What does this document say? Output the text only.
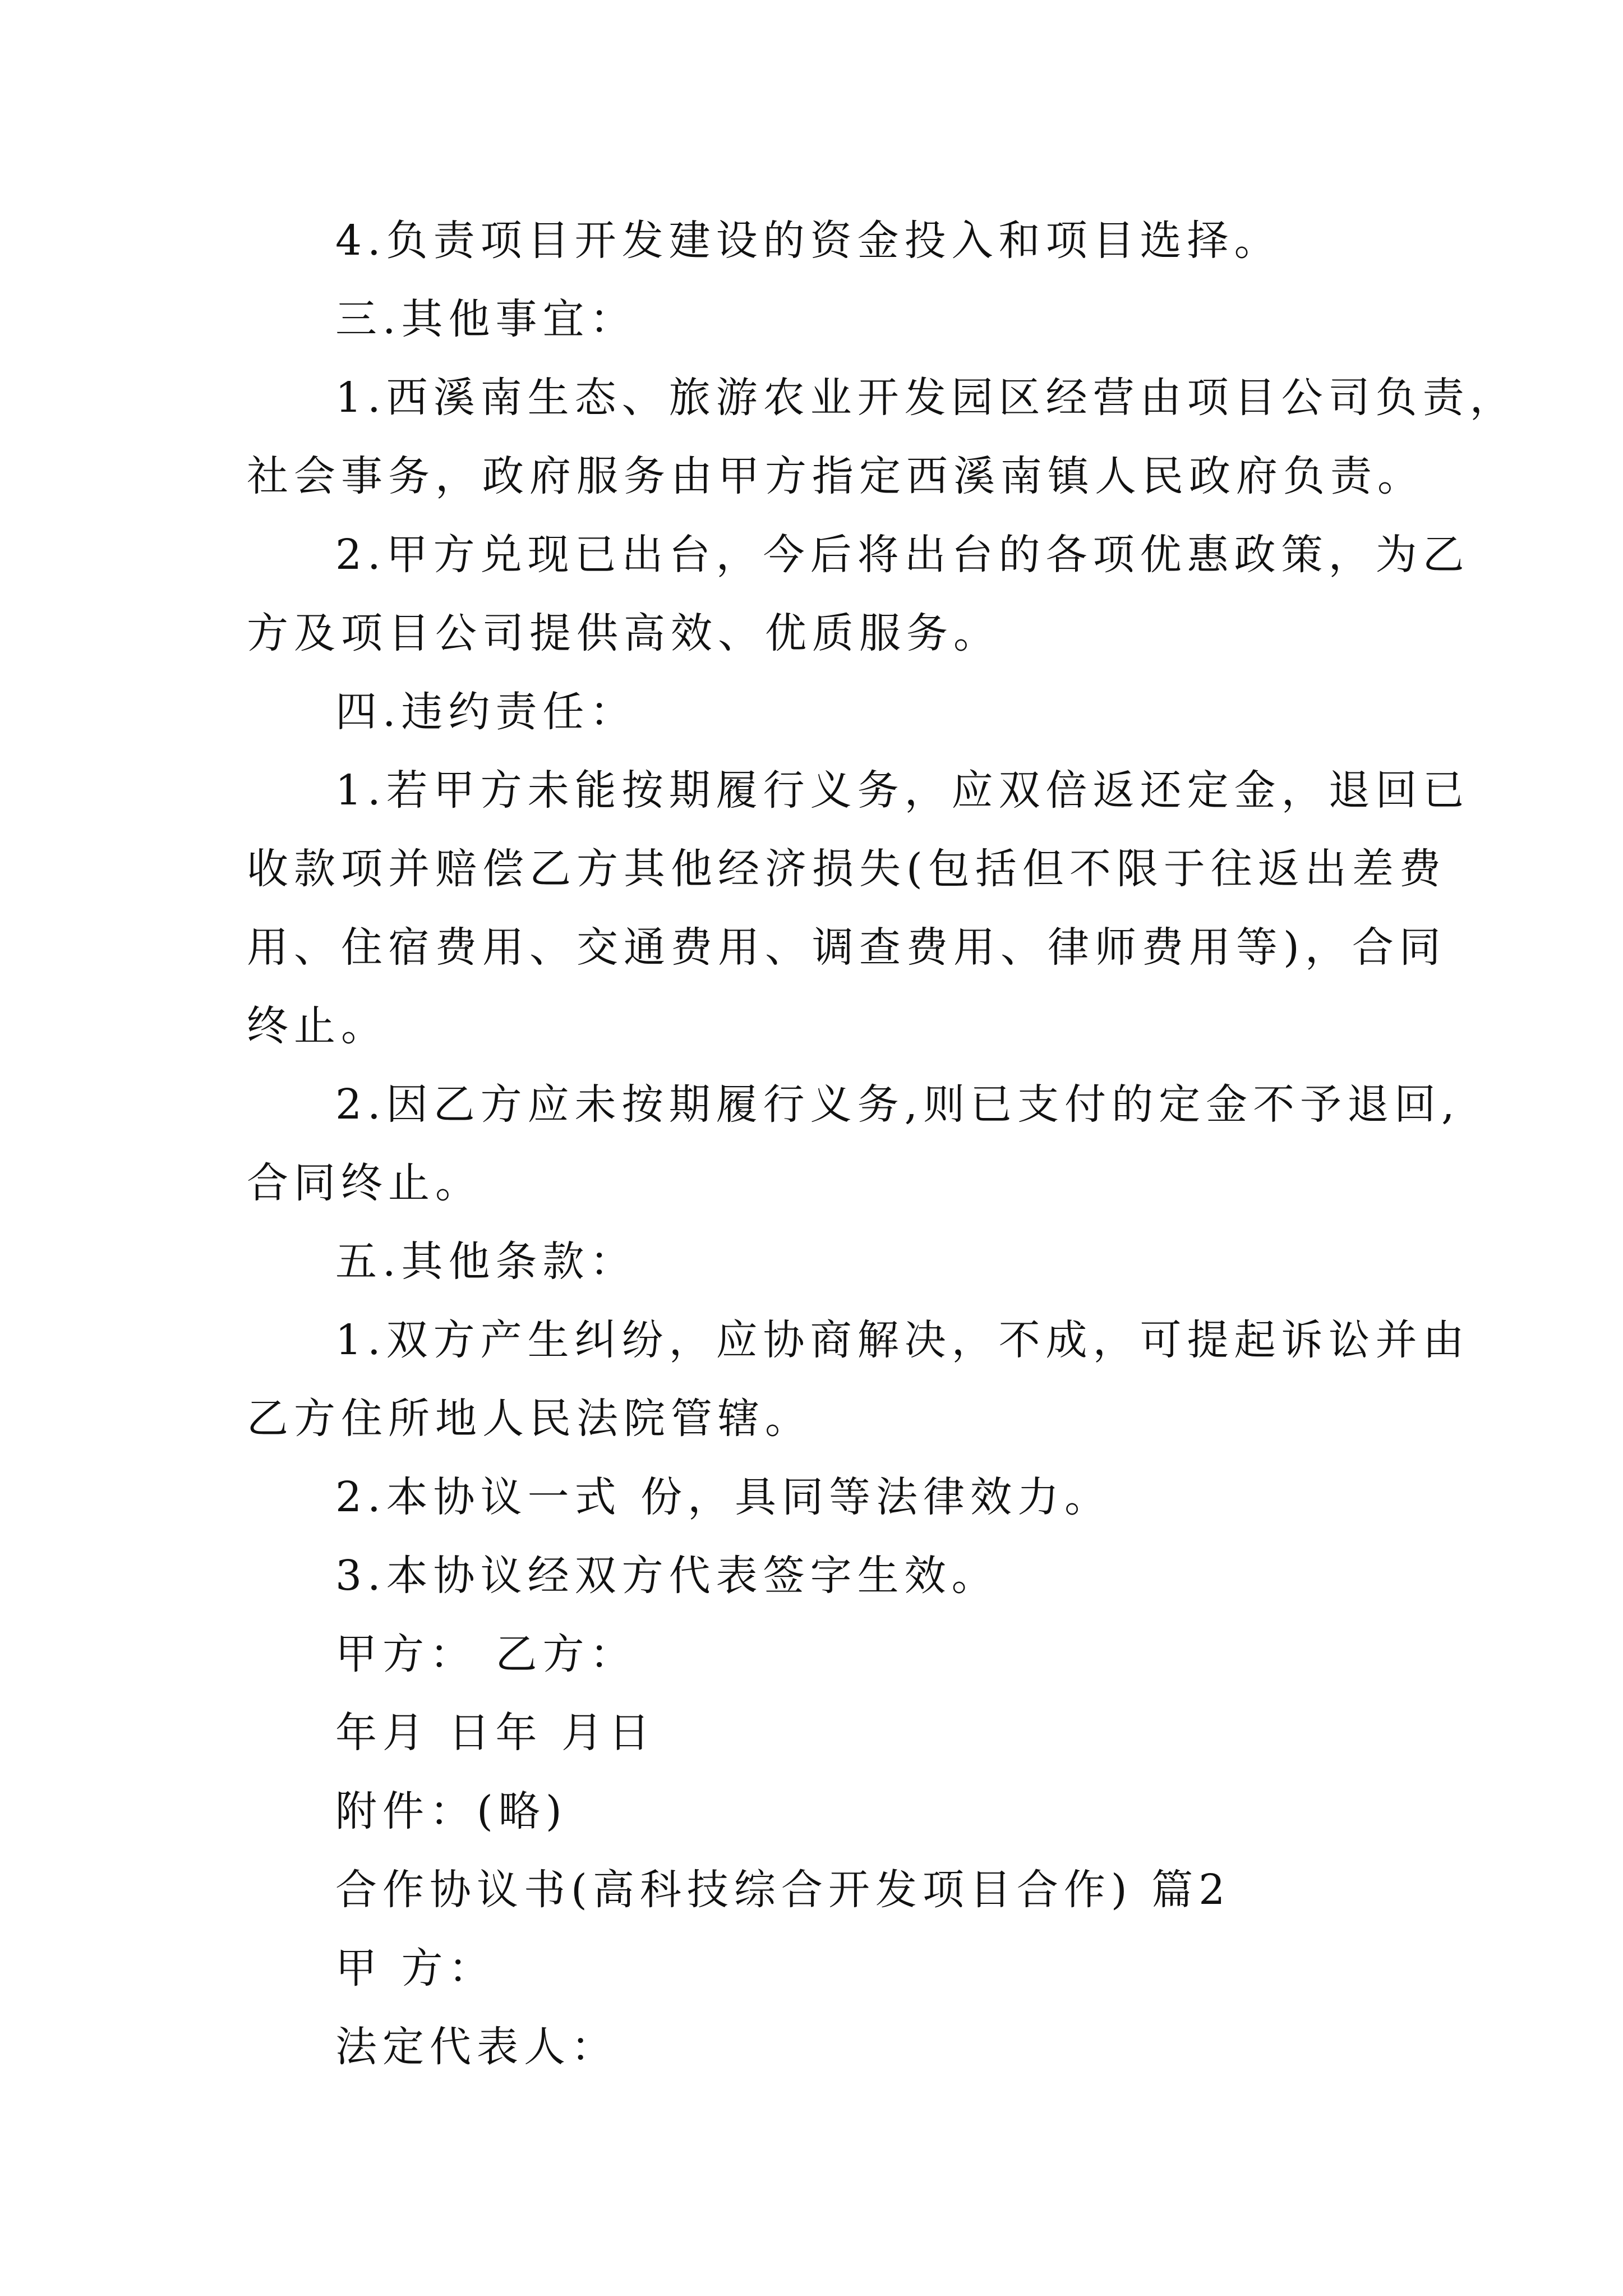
4.负责项目开发建设的资金投入和项目选择。
三.其他事宜：
1.西溪南生态、旅游农业开发园区经营由项目公司负责，
社会事务，政府服务由甲方指定西溪南镇人民政府负责。
2.甲方兑现已出台，今后将出台的各项优惠政策，为乙
方及项目公司提供高效、优质服务。
四.违约责任：
1.若甲方未能按期履行义务，应双倍返还定金，退回已
收款项并赔偿乙方其他经济损失(包括但不限于往返出差费
用、住宿费用、交通费用、调查费用、律师费用等)，合同
终止。
2.因乙方应未按期履行义务,则已支付的定金不予退回,
合同终止。
五.其他条款：
1.双方产生纠纷，应协商解决，不成，可提起诉讼并由
乙方住所地人民法院管辖。
2.本协议一式 份，具同等法律效力。
3.本协议经双方代表签字生效。
甲方： 乙方：
年月 日年 月日
附件：(略)
合作协议书(高科技综合开发项目合作) 篇2
甲 方：
法定代表人：
